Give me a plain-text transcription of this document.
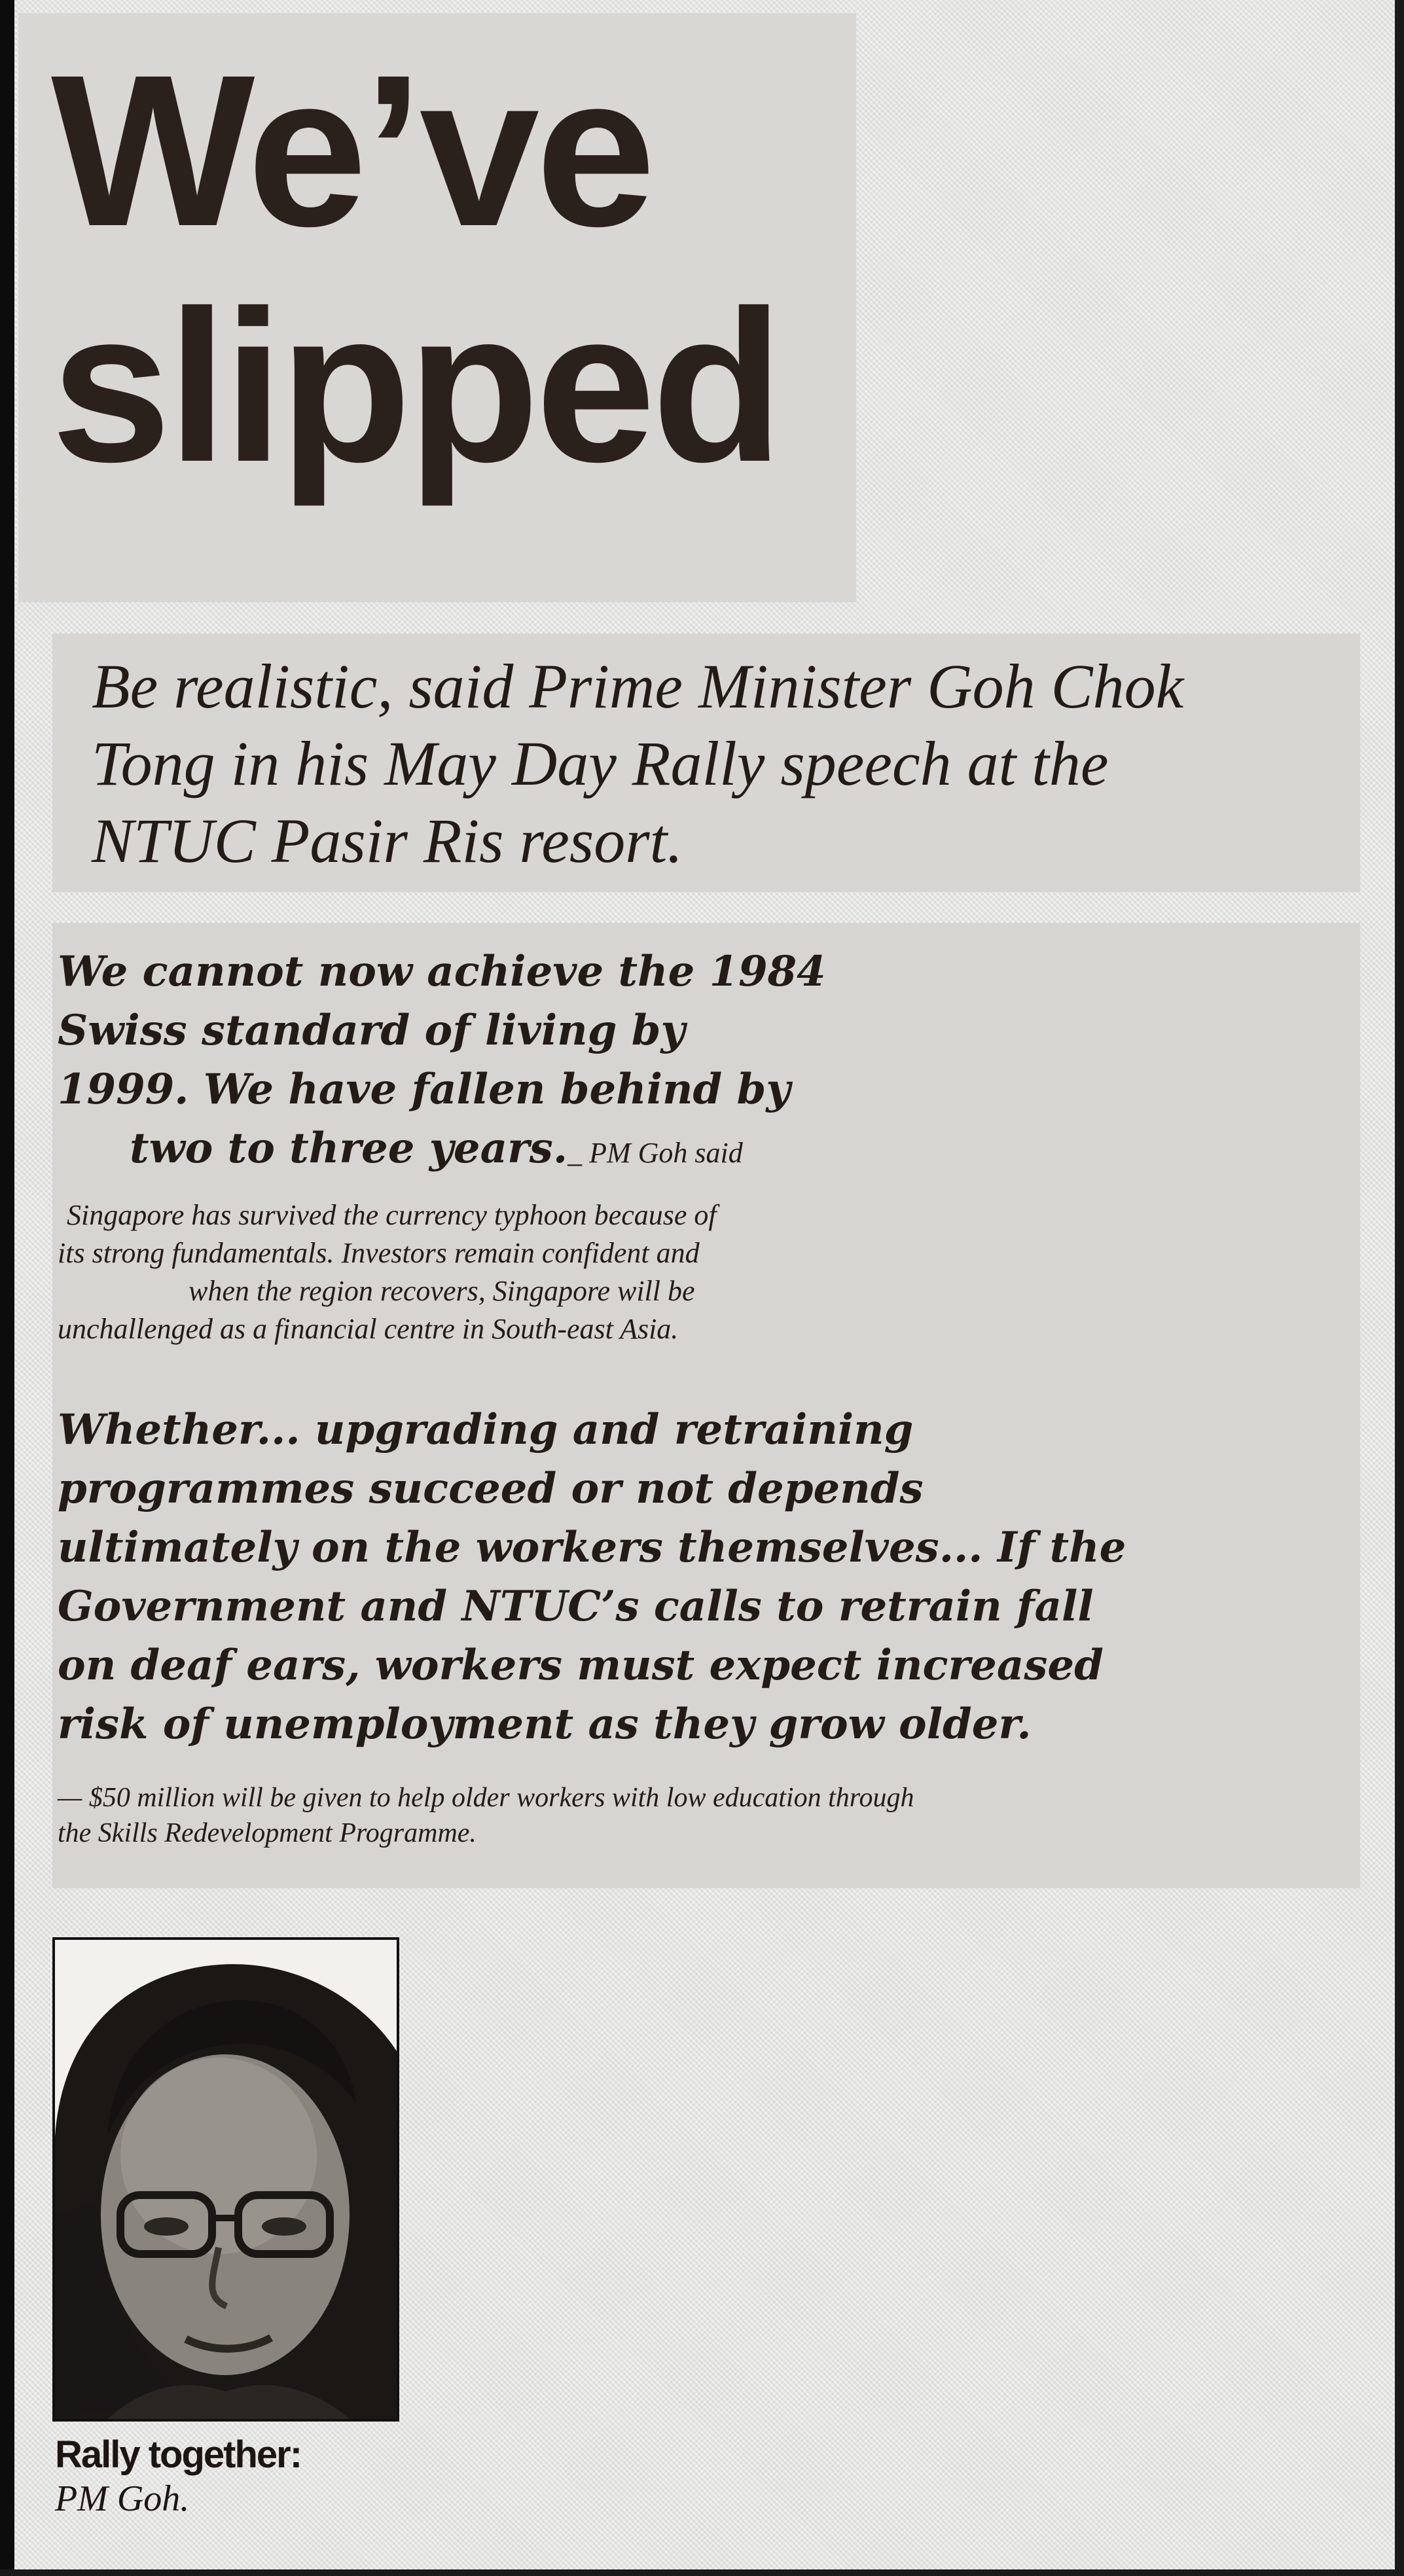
We’ve
slipped

Be realistic, said Prime Minister Goh Chok
Tong in his May Day Rally speech at the
NTUC Pasir Ris resort.

We cannot now achieve the 1984
Swiss standard of living by
1999. We have fallen behind by
two to three years._ PM Goh said

Singapore has survived the currency typhoon because of
its strong fundamentals. Investors remain confident and
when the region recovers, Singapore will be
unchallenged as a financial centre in South-east Asia.

Whether... upgrading and retraining
programmes succeed or not depends
ultimately on the workers themselves... If the
Government and NTUC’s calls to retrain fall
on deaf ears, workers must expect increased
risk of unemployment as they grow older.

— $50 million will be given to help older workers with low education through
the Skills Redevelopment Programme.

Rally together:

PM Goh.
